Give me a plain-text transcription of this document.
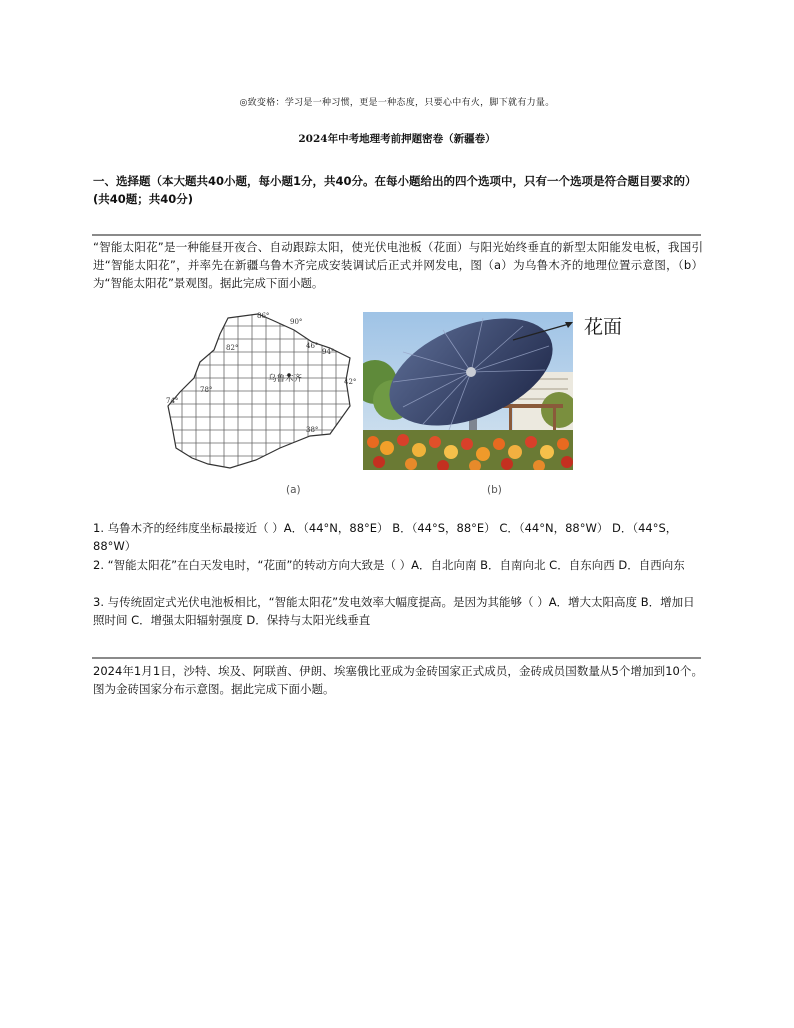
◎致变格：学习是一种习惯，更是一种态度，只要心中有火，脚下就有力量。
2024年中考地理考前押题密卷（新疆卷）
一、选择题（本大题共40小题，每小题1分，共40分。在每小题给出的四个选项中，只有一个选项是符合题目要求的）(共40题；共40分)
“智能太阳花”是一种能昼开夜合、自动跟踪太阳，使光伏电池板（花面）与阳光始终垂直的新型太阳能发电板，我国引进“智能太阳花”，并率先在新疆乌鲁木齐完成安装调试后正式并网发电，图（a）为乌鲁木齐的地理位置示意图，（b）为“智能太阳花”景观图。据此完成下面小题。
乌鲁木齐
86°
90°
82°	46°
94°
78°
42°
74°
38°
(a)
花面
(b)
1. 乌鲁木齐的经纬度坐标最接近（ ）A．（44°N，88°E） B．（44°S，88°E） C．（44°N，88°W） D．（44°S，88°W）
2. “智能太阳花”在白天发电时，“花面”的转动方向大致是（ ）A．自北向南 B．自南向北 C．自东向西 D．自西向东
3. 与传统固定式光伏电池板相比，“智能太阳花”发电效率大幅度提高。是因为其能够（ ）A．增大太阳高度 B．增加日照时间 C．增强太阳辐射强度 D．保持与太阳光线垂直
2024年1月1日，沙特、埃及、阿联酋、伊朗、埃塞俄比亚成为金砖国家正式成员，金砖成员国数量从5个增加到10个。图为金砖国家分布示意图。据此完成下面小题。
